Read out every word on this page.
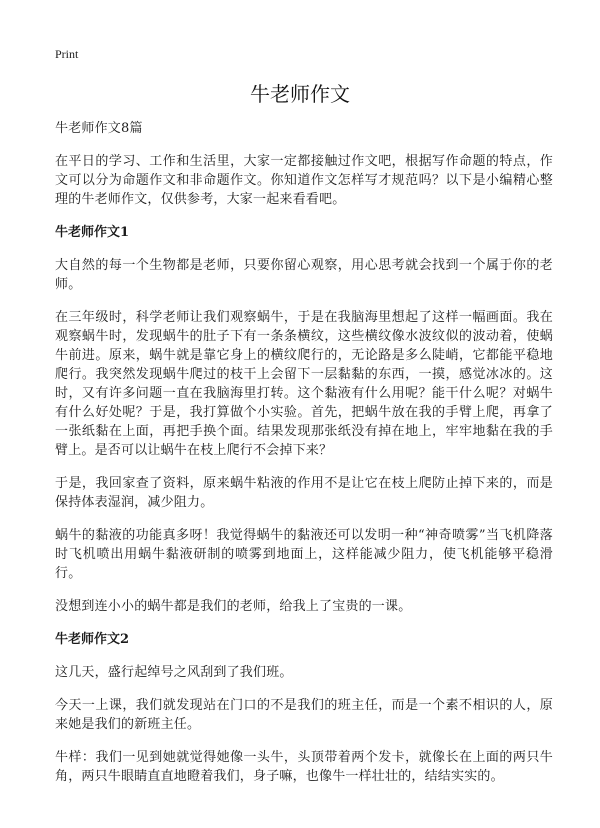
Print
牛老师作文

牛老师作文8篇

在平日的学习、工作和生活里，大家一定都接触过作文吧，根据写作命题的特点，作文可以分为命题作文和非命题作文。你知道作文怎样写才规范吗？以下是小编精心整理的牛老师作文，仅供参考，大家一起来看看吧。

牛老师作文1

大自然的每一个生物都是老师，只要你留心观察，用心思考就会找到一个属于你的老师。

在三年级时，科学老师让我们观察蜗牛，于是在我脑海里想起了这样一幅画面。我在观察蜗牛时，发现蜗牛的肚子下有一条条横纹，这些横纹像水波纹似的波动着，使蜗牛前进。原来，蜗牛就是靠它身上的横纹爬行的，无论路是多么陡峭，它都能平稳地爬行。我突然发现蜗牛爬过的枝干上会留下一层黏黏的东西，一摸，感觉冰冰的。这时，又有许多问题一直在我脑海里打转。这个黏液有什么用呢？能干什么呢？对蜗牛有什么好处呢？于是，我打算做个小实验。首先，把蜗牛放在我的手臂上爬，再拿了一张纸黏在上面，再把手换个面。结果发现那张纸没有掉在地上，牢牢地黏在我的手臂上。是否可以让蜗牛在枝上爬行不会掉下来？

于是，我回家查了资料，原来蜗牛粘液的作用不是让它在枝上爬防止掉下来的，而是保持体表湿润，减少阻力。

蜗牛的黏液的功能真多呀！我觉得蜗牛的黏液还可以发明一种“神奇喷雾”当飞机降落时飞机喷出用蜗牛黏液研制的喷雾到地面上，这样能减少阻力，使飞机能够平稳滑行。

没想到连小小的蜗牛都是我们的老师，给我上了宝贵的一课。

牛老师作文2

这几天，盛行起绰号之风刮到了我们班。

今天一上课，我们就发现站在门口的不是我们的班主任，而是一个素不相识的人，原来她是我们的新班主任。

牛样：我们一见到她就觉得她像一头牛，头顶带着两个发卡，就像长在上面的两只牛角，两只牛眼睛直直地瞪着我们，身子嘛，也像牛一样壮壮的，结结实实的。
